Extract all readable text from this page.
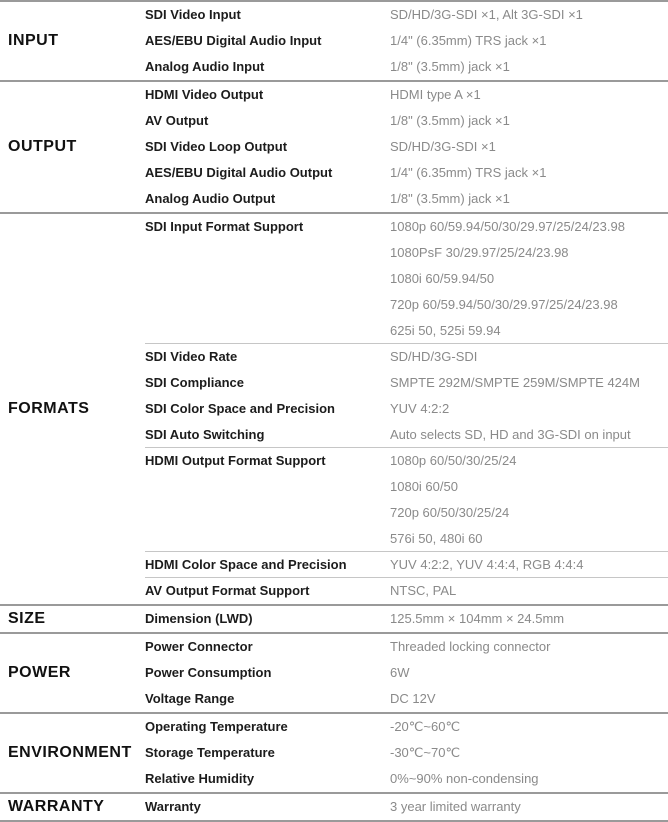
INPUT
SDI Video Input	SD/HD/3G-SDI ×1, Alt 3G-SDI ×1
AES/EBU Digital Audio Input	1/4" (6.35mm) TRS jack ×1
Analog Audio Input	1/8" (3.5mm) jack ×1
OUTPUT
HDMI Video Output	HDMI type A ×1
AV Output	1/8" (3.5mm) jack ×1
SDI Video Loop Output	SD/HD/3G-SDI ×1
AES/EBU Digital Audio Output	1/4" (6.35mm) TRS jack ×1
Analog Audio Output	1/8" (3.5mm) jack ×1
FORMATS
SDI Input Format Support	1080p 60/59.94/50/30/29.97/25/24/23.98
1080PsF 30/29.97/25/24/23.98
1080i 60/59.94/50
720p 60/59.94/50/30/29.97/25/24/23.98
625i 50, 525i 59.94
SDI Video Rate	SD/HD/3G-SDI
SDI Compliance	SMPTE 292M/SMPTE 259M/SMPTE 424M
SDI Color Space and Precision	YUV 4:2:2
SDI Auto Switching	Auto selects SD, HD and 3G-SDI on input
HDMI Output Format Support	1080p 60/50/30/25/24
1080i 60/50
720p 60/50/30/25/24
576i 50, 480i 60
HDMI Color Space and Precision	YUV 4:2:2, YUV 4:4:4, RGB 4:4:4
AV Output Format Support	NTSC, PAL
SIZE	Dimension (LWD)	125.5mm × 104mm × 24.5mm
POWER
Power Connector	Threaded locking connector
Power Consumption	6W
Voltage Range	DC 12V
ENVIRONMENT
Operating Temperature	-20℃~60℃
Storage Temperature	-30℃~70℃
Relative Humidity	0%~90% non-condensing
WARRANTY	Warranty	3 year limited warranty
